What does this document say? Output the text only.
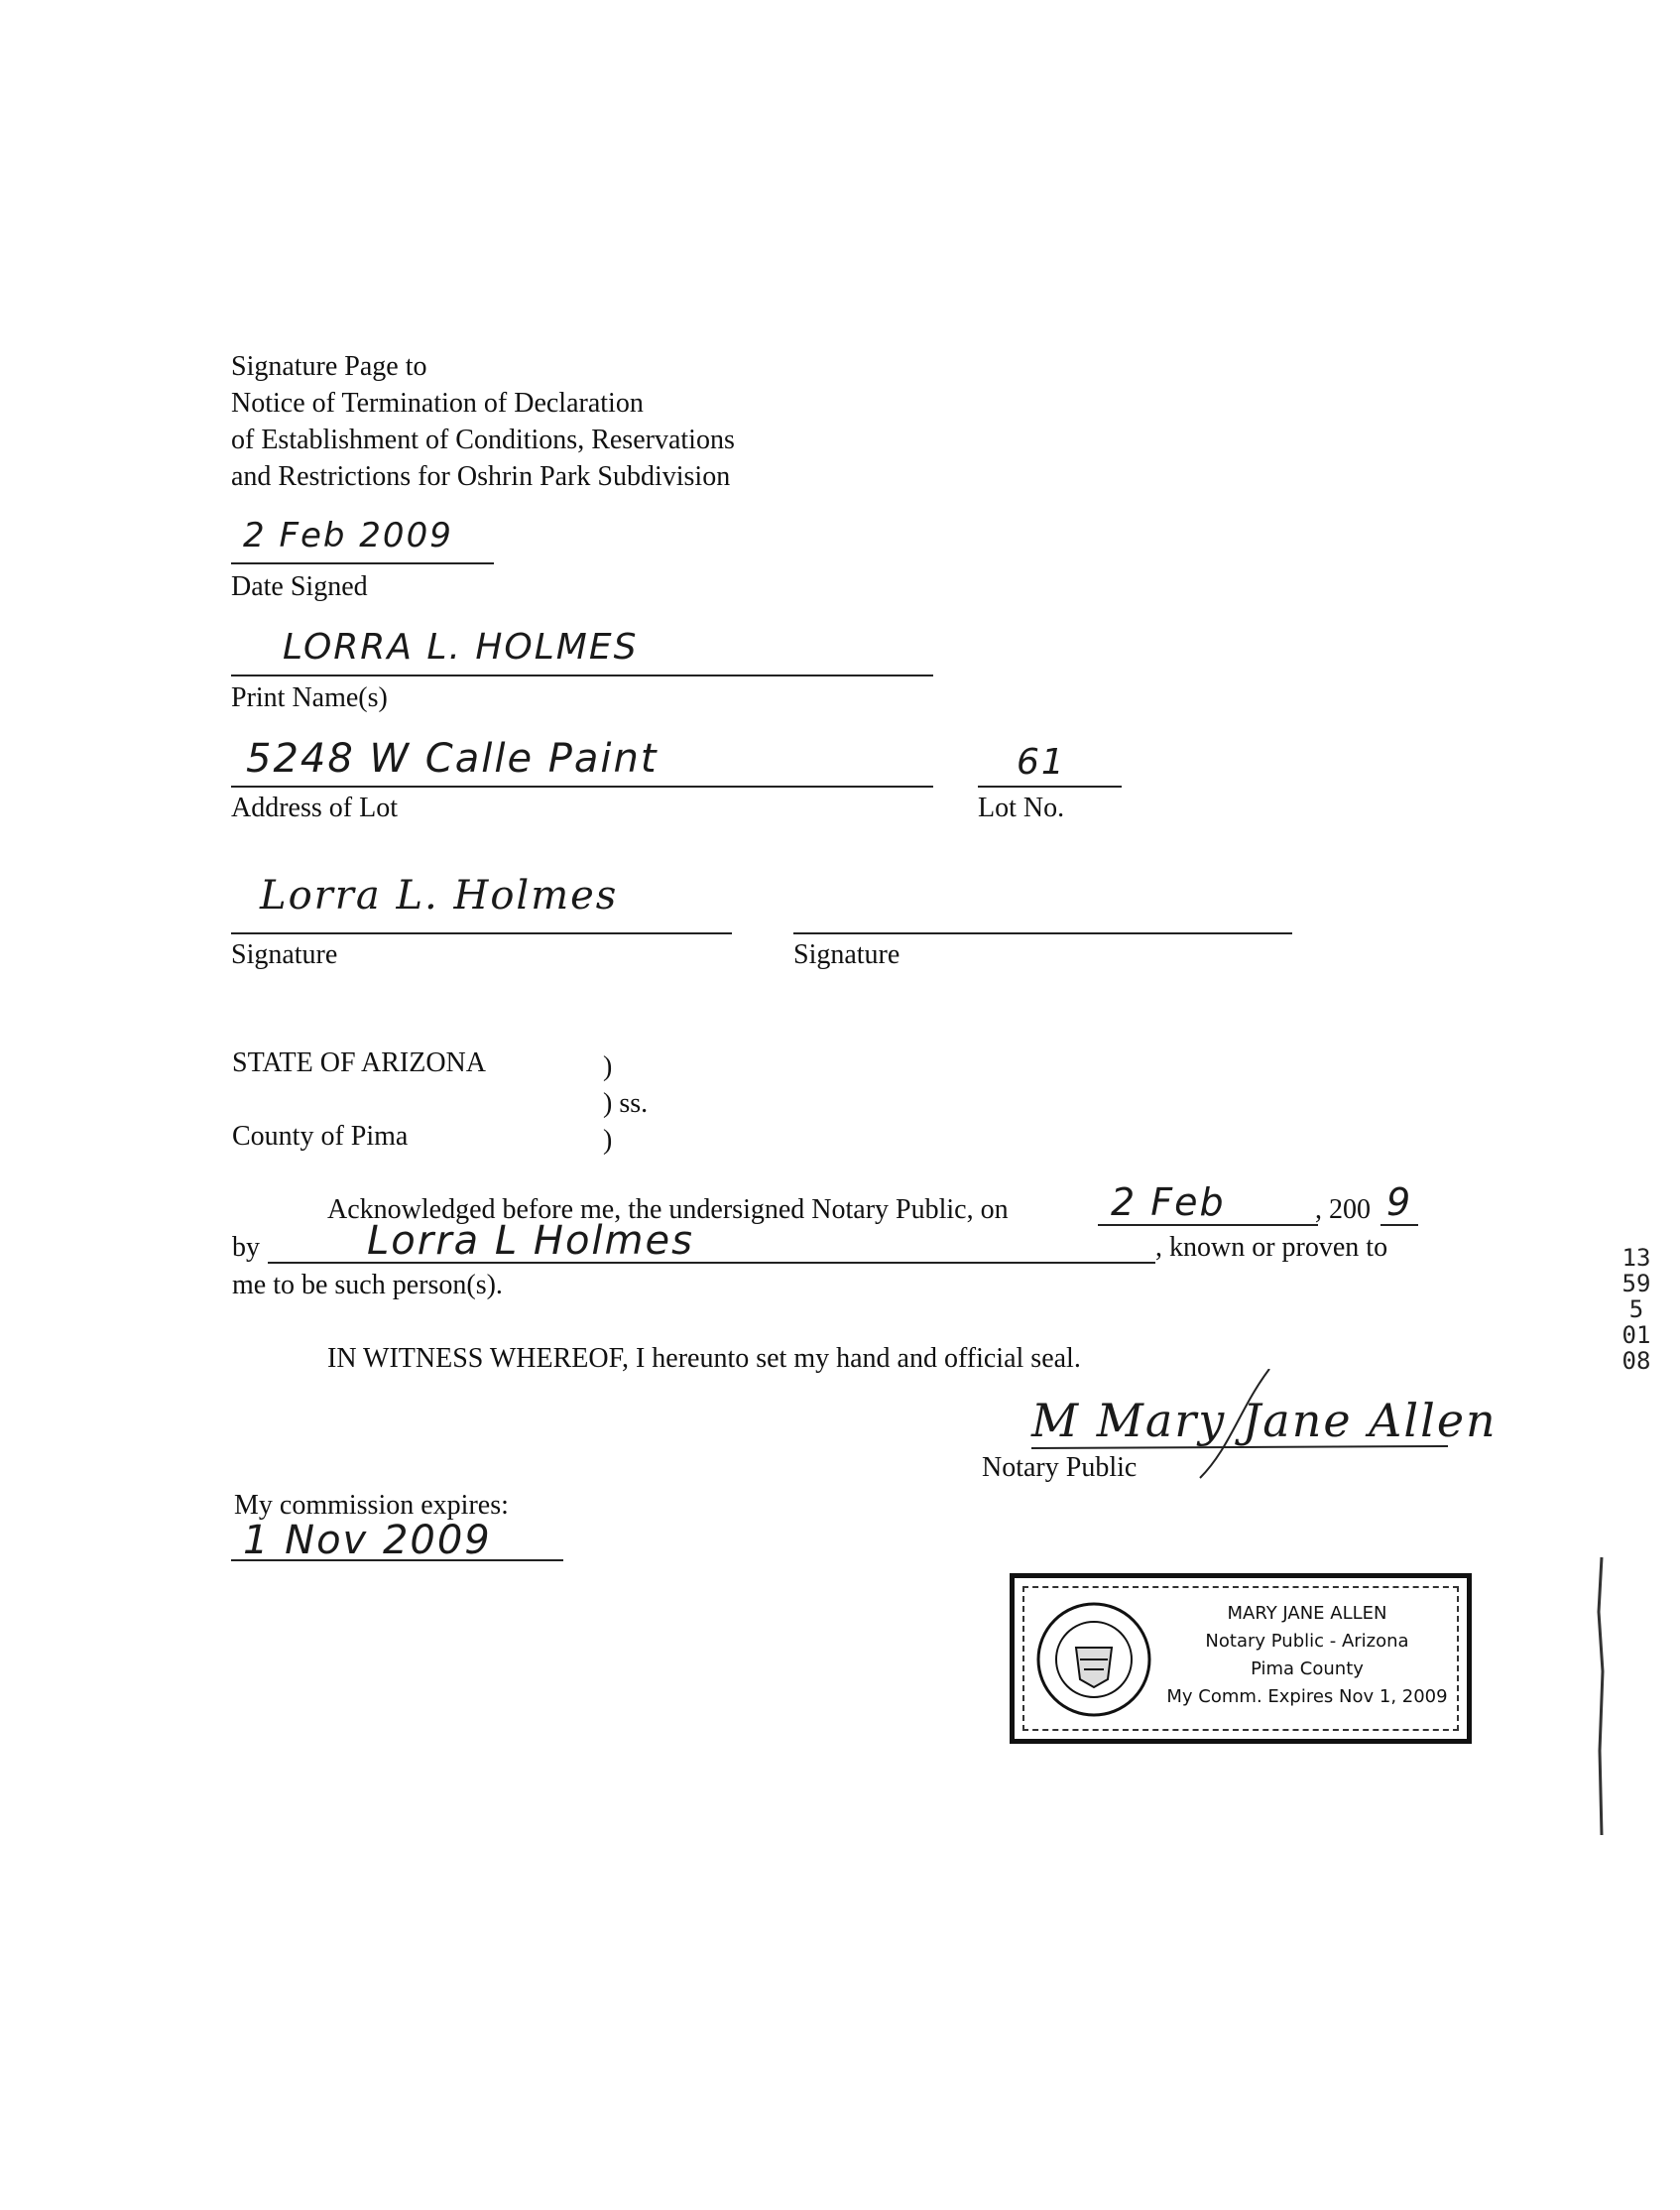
Signature Page to
Notice of Termination of Declaration
of Establishment of Conditions, Reservations
and Restrictions for Oshrin Park Subdivision
2 Feb 2009
Date Signed
LORRA L. HOLMES
Print Name(s)
5248 W Calle Paint
Address of Lot
61
Lot No.
Lorra L. Holmes
Signature	Signature
STATE OF ARIZONA	)
) ss.
County of Pima	)
Acknowledged before me, the undersigned Notary Public, on	2 Feb	, 200 9
by	Lorra L Holmes	, known or proven to
me to be such person(s).
IN WITNESS WHEREOF, I hereunto set my hand and official seal.
M Mary Jane Allen
Notary Public
My commission expires:
1 Nov 2009
MARY JANE ALLEN
Notary Public - Arizona
Pima County
My Comm. Expires Nov 1, 2009
13595 0108
